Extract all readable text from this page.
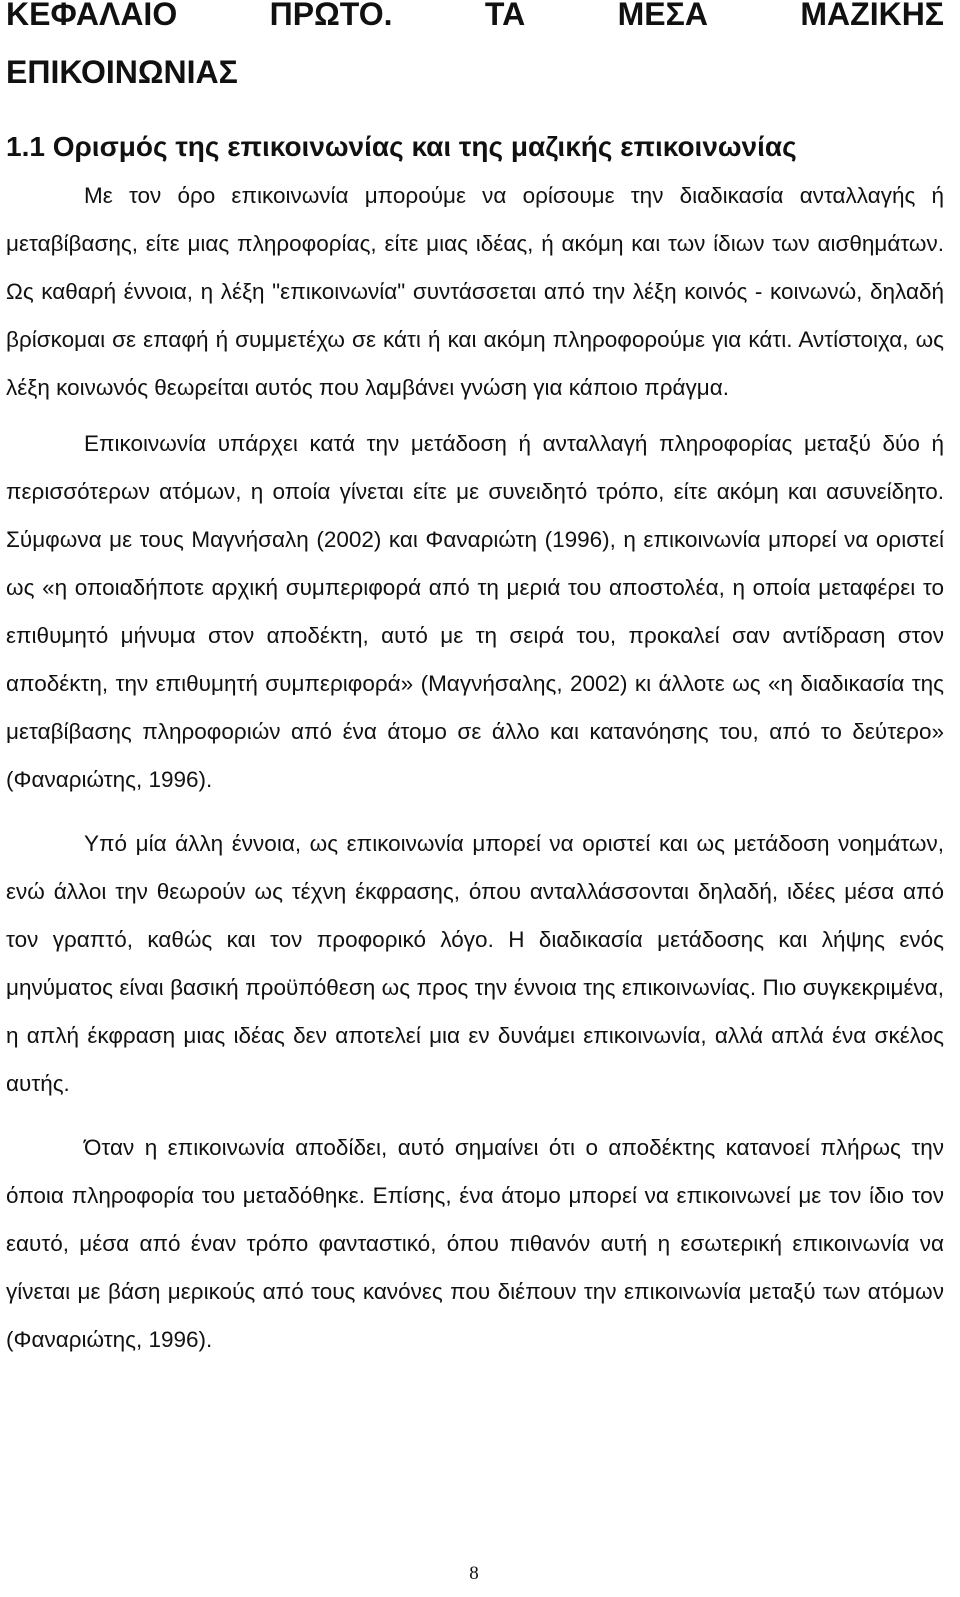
ΚΕΦΑΛΑΙΟ ΠΡΩΤΟ. ΤΑ ΜΕΣΑ ΜΑΖΙΚΗΣ
ΕΠΙΚΟΙΝΩΝΙΑΣ
1.1 Ορισμός της επικοινωνίας και της μαζικής επικοινωνίας

Με τον όρο επικοινωνία μπορούμε να ορίσουμε την διαδικασία ανταλλαγής ή μεταβίβασης, είτε μιας πληροφορίας, είτε μιας ιδέας, ή ακόμη και των ίδιων των αισθημάτων. Ως καθαρή έννοια, η λέξη "επικοινωνία" συντάσσεται από την λέξη κοινός - κοινωνώ, δηλαδή βρίσκομαι σε επαφή ή συμμετέχω σε κάτι ή και ακόμη πληροφορούμε για κάτι. Αντίστοιχα, ως λέξη κοινωνός θεωρείται αυτός που λαμβάνει γνώση για κάποιο πράγμα.

Επικοινωνία υπάρχει κατά την μετάδοση ή ανταλλαγή πληροφορίας μεταξύ δύο ή περισσότερων ατόμων, η οποία γίνεται είτε με συνειδητό τρόπο, είτε ακόμη και ασυνείδητο. Σύμφωνα με τους Μαγνήσαλη (2002) και Φαναριώτη (1996), η επικοινωνία μπορεί να οριστεί ως «η οποιαδήποτε αρχική συμπεριφορά από τη μεριά του αποστολέα, η οποία μεταφέρει το επιθυμητό μήνυμα στον αποδέκτη, αυτό με τη σειρά του, προκαλεί σαν αντίδραση στον αποδέκτη, την επιθυμητή συμπεριφορά» (Μαγνήσαλης, 2002) κι άλλοτε ως «η διαδικασία της μεταβίβασης πληροφοριών από ένα άτομο σε άλλο και κατανόησης του, από το δεύτερο» (Φαναριώτης, 1996).

Υπό μία άλλη έννοια, ως επικοινωνία μπορεί να οριστεί και ως μετάδοση νοημάτων, ενώ άλλοι την θεωρούν ως τέχνη έκφρασης, όπου ανταλλάσσονται δηλαδή, ιδέες μέσα από τον γραπτό, καθώς και τον προφορικό λόγο. Η διαδικασία μετάδοσης και λήψης ενός μηνύματος είναι βασική προϋπόθεση ως προς την έννοια της επικοινωνίας. Πιο συγκεκριμένα, η απλή έκφραση μιας ιδέας δεν αποτελεί μια εν δυνάμει επικοινωνία, αλλά απλά ένα σκέλος αυτής.

Όταν η επικοινωνία αποδίδει, αυτό σημαίνει ότι ο αποδέκτης κατανοεί πλήρως την όποια πληροφορία του μεταδόθηκε. Επίσης, ένα άτομο μπορεί να επικοινωνεί με τον ίδιο τον εαυτό, μέσα από έναν τρόπο φανταστικό, όπου πιθανόν αυτή η εσωτερική επικοινωνία να γίνεται με βάση μερικούς από τους κανόνες που διέπουν την επικοινωνία μεταξύ των ατόμων (Φαναριώτης, 1996).

8
